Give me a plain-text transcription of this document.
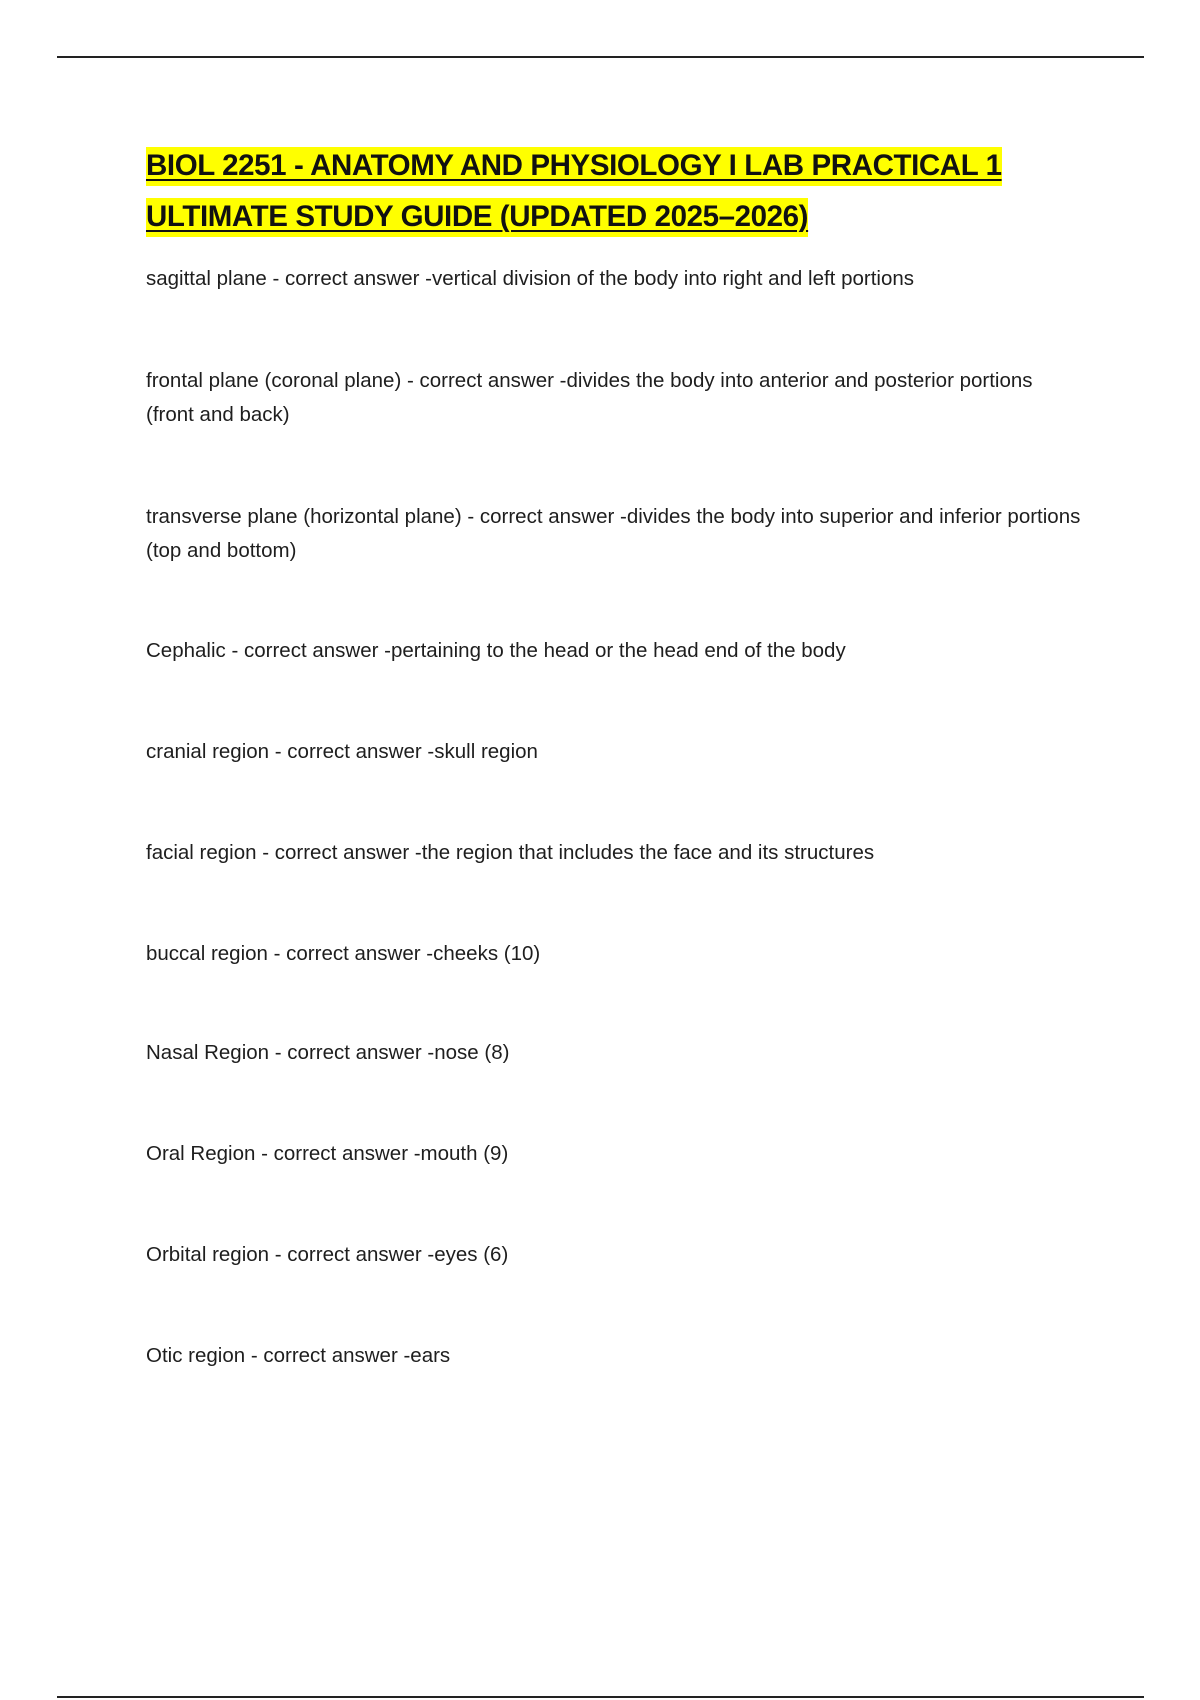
BIOL 2251 - ANATOMY AND PHYSIOLOGY I LAB PRACTICAL 1
ULTIMATE STUDY GUIDE (UPDATED 2025–2026)
sagittal plane - correct answer -vertical division of the body into right and left portions
frontal plane (coronal plane) - correct answer -divides the body into anterior and posterior portions (front and back)
transverse plane (horizontal plane) - correct answer -divides the body into superior and inferior portions (top and bottom)
Cephalic - correct answer -pertaining to the head or the head end of the body
cranial region - correct answer -skull region
facial region - correct answer -the region that includes the face and its structures
buccal region - correct answer -cheeks (10)
Nasal Region - correct answer -nose (8)
Oral Region - correct answer -mouth (9)
Orbital region - correct answer -eyes (6)
Otic region - correct answer -ears
